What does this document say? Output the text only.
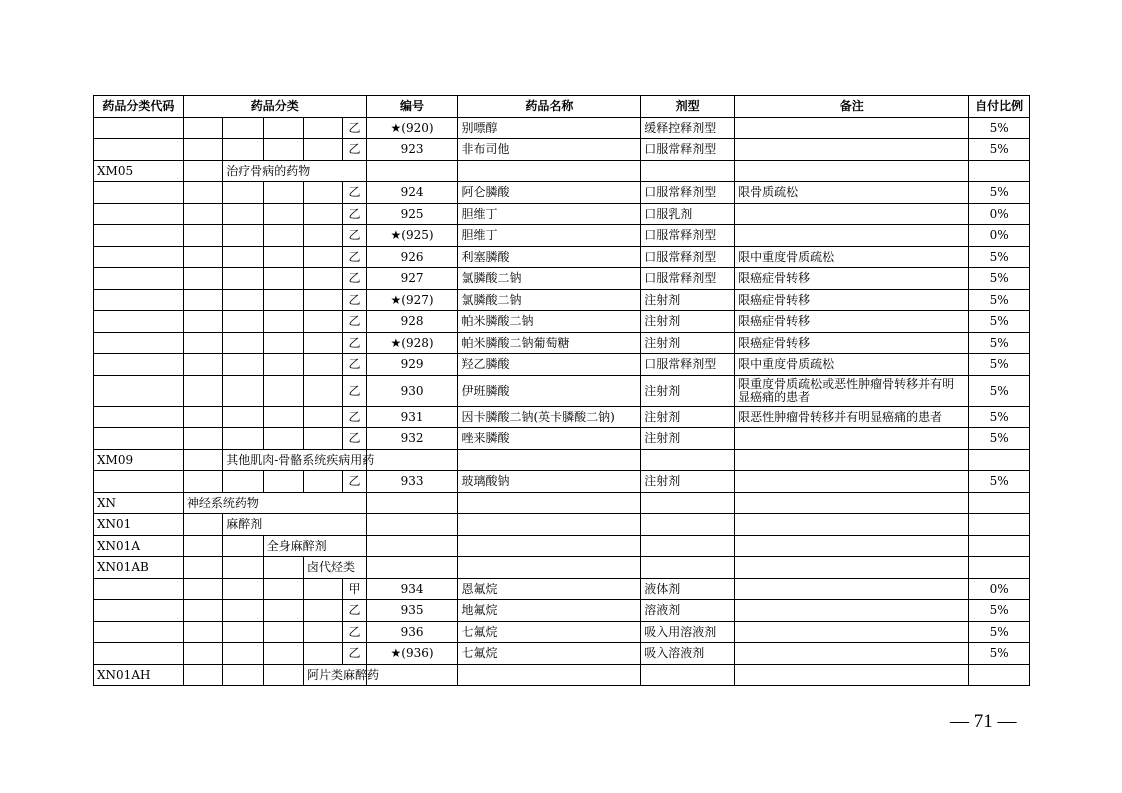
药品分类代码	药品分类					编号	药品名称	剂型	备注	自付比例
					乙	★(920)	别嘌醇	缓释控释剂型		5%
					乙	923	非布司他	口服常释剂型		5%
XM05		治疗骨病的药物								
					乙	924	阿仑膦酸	口服常释剂型	限骨质疏松	5%
					乙	925	胆维丁	口服乳剂		0%
					乙	★(925)	胆维丁	口服常释剂型		0%
					乙	926	利塞膦酸	口服常释剂型	限中重度骨质疏松	5%
					乙	927	氯膦酸二钠	口服常释剂型	限癌症骨转移	5%
					乙	★(927)	氯膦酸二钠	注射剂	限癌症骨转移	5%
					乙	928	帕米膦酸二钠	注射剂	限癌症骨转移	5%
					乙	★(928)	帕米膦酸二钠葡萄糖	注射剂	限癌症骨转移	5%
					乙	929	羟乙膦酸	口服常释剂型	限中重度骨质疏松	5%
					乙	930	伊班膦酸	注射剂	限重度骨质疏松或恶性肿瘤骨转移并有明显癌痛的患者	5%
					乙	931	因卡膦酸二钠(英卡膦酸二钠)	注射剂	限恶性肿瘤骨转移并有明显癌痛的患者	5%
					乙	932	唑来膦酸	注射剂		5%
XM09		其他肌肉-骨骼系统疾病用药								
					乙	933	玻璃酸钠	注射剂		5%
XN	神经系统药物									
XN01		麻醉剂								
XN01A			全身麻醉剂							
XN01AB				卤代烃类						
					甲	934	恩氟烷	液体剂		0%
					乙	935	地氟烷	溶液剂		5%
					乙	936	七氟烷	吸入用溶液剂		5%
					乙	★(936)	七氟烷	吸入溶液剂		5%
XN01AH				阿片类麻醉药						
— 71 —
